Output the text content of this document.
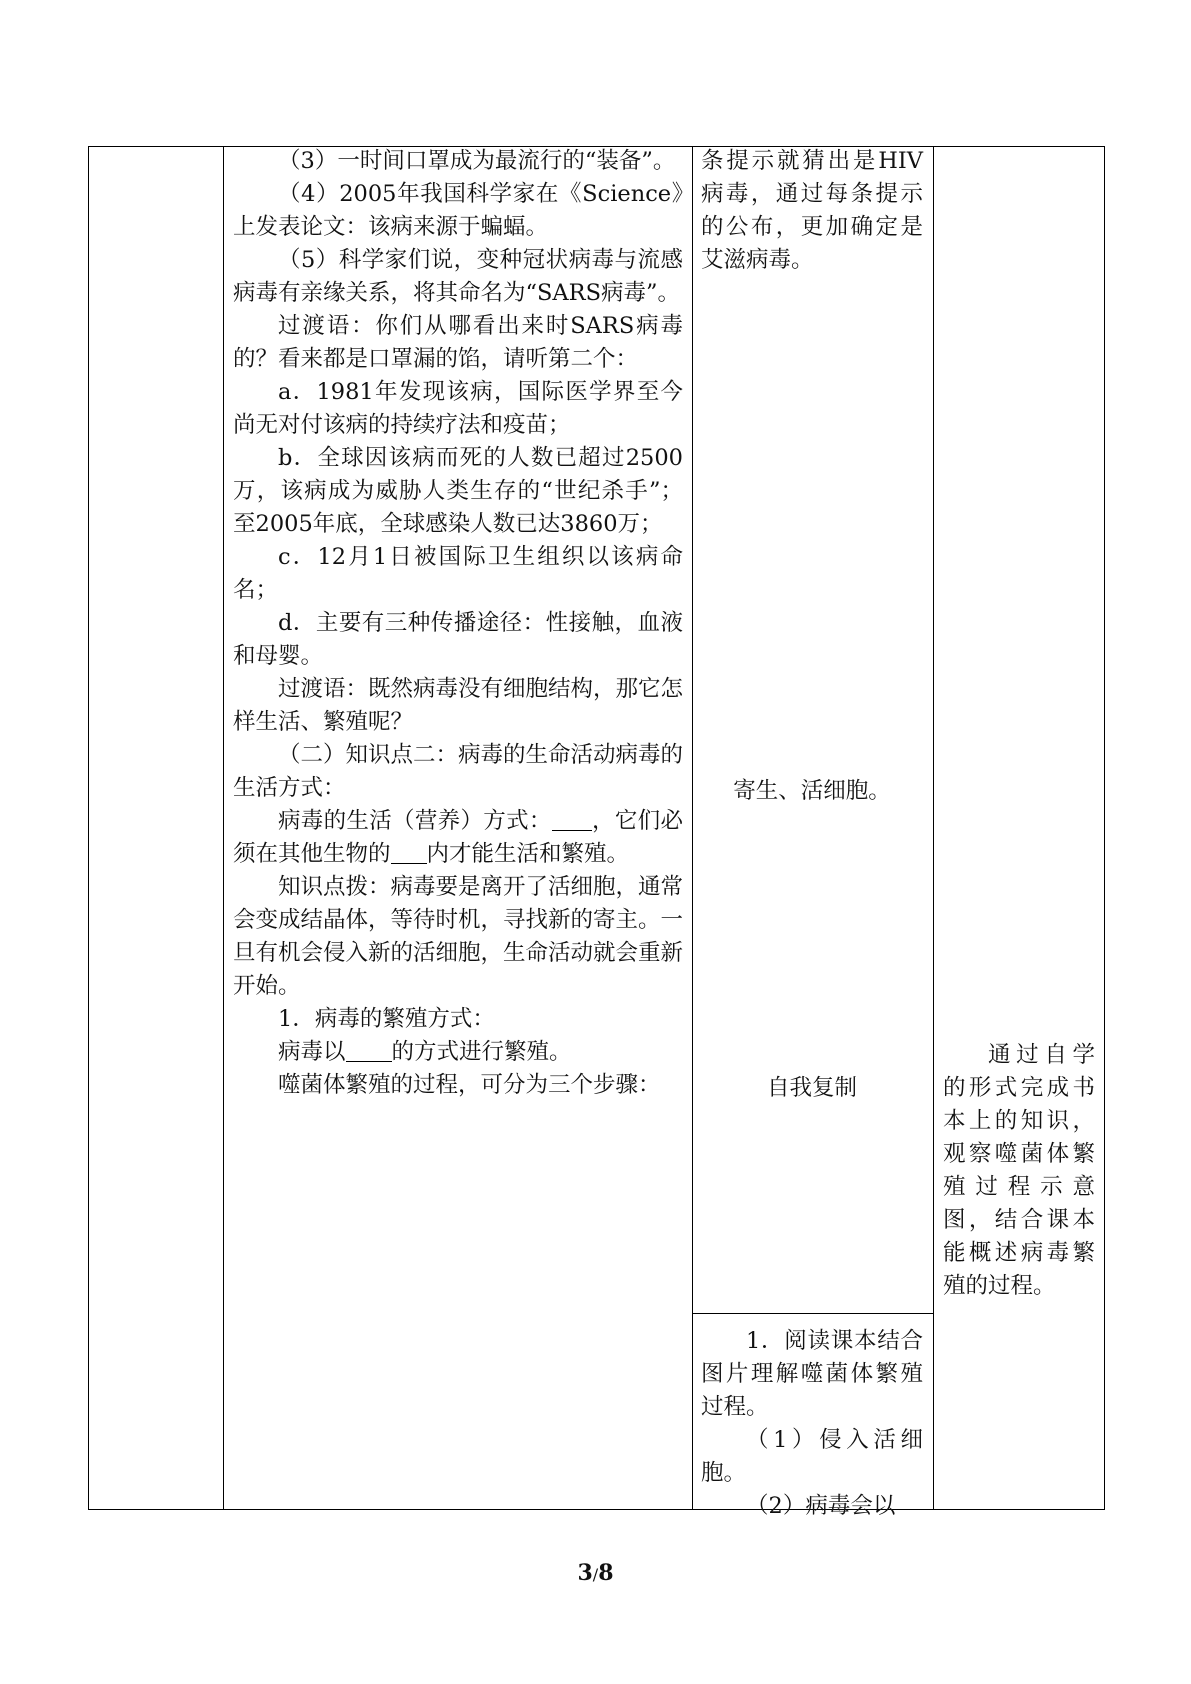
（3）一时间口罩成为最流行的“装备”。

（4）2005年我国科学家在《Science》上发表论文：该病来源于蝙蝠。

（5）科学家们说，变种冠状病毒与流感病毒有亲缘关系，将其命名为“SARS病毒”。

过渡语：你们从哪看出来时SARS病毒的？看来都是口罩漏的馅，请听第二个：

a．1981年发现该病，国际医学界至今尚无对付该病的持续疗法和疫苗；

b．全球因该病而死的人数已超过2500万，该病成为威胁人类生存的“世纪杀手”；至2005年底，全球感染人数已达3860万；

c．12月1日被国际卫生组织以该病命名；

d．主要有三种传播途径：性接触，血液和母婴。

过渡语：既然病毒没有细胞结构，那它怎样生活、繁殖呢？

（二）知识点二：病毒的生命活动病毒的生活方式：

病毒的生活（营养）方式： ，它们必须在其他生物的 内才能生活和繁殖。

知识点拨：病毒要是离开了活细胞，通常会变成结晶体，等待时机，寻找新的寄主。一旦有机会侵入新的活细胞，生命活动就会重新开始。

1．病毒的繁殖方式：

病毒以 的方式进行繁殖。

噬菌体繁殖的过程，可分为三个步骤：

条提示就猜出是HIV病毒，通过每条提示的公布，更加确定是艾滋病毒。
寄生、活细胞。
自我复制

1．阅读课本结合图片理解噬菌体繁殖过程。

（1）侵入活细胞。

（2）病毒会以

通过自学的形式完成书本上的知识，观察噬菌体繁殖过程示意图，结合课本能概述病毒繁殖的过程。

3/8
